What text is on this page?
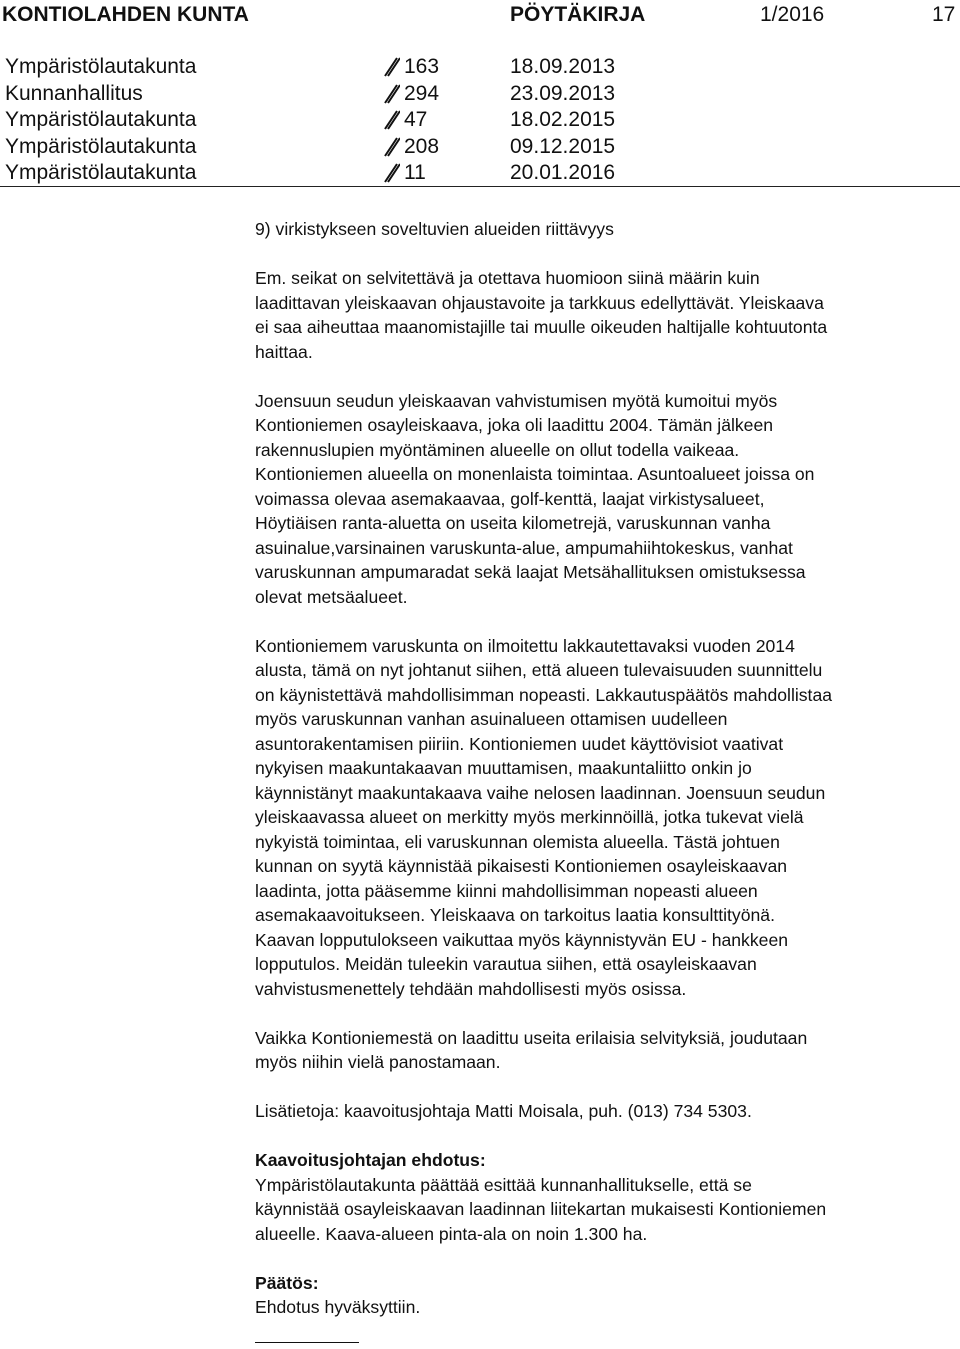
KONTIOLAHDEN KUNTA	PÖYTÄKIRJA	1/2016	17
Ympäristölautakunta	163	18.09.2013
Kunnanhallitus	294	23.09.2013
Ympäristölautakunta	47	18.02.2015
Ympäristölautakunta	208	09.12.2015
Ympäristölautakunta	11	20.01.2016

9) virkistykseen soveltuvien alueiden riittävyys

Em. seikat on selvitettävä ja otettava huomioon siinä määrin kuin

laadittavan yleiskaavan ohjaustavoite ja tarkkuus edellyttävät. Yleiskaava

ei saa aiheuttaa maanomistajille tai muulle oikeuden haltijalle kohtuutonta

haittaa.

Joensuun seudun yleiskaavan vahvistumisen myötä kumoitui myös

Kontioniemen osayleiskaava, joka oli laadittu 2004. Tämän jälkeen

rakennuslupien myöntäminen alueelle on ollut todella vaikeaa.

Kontioniemen alueella on monenlaista toimintaa. Asuntoalueet joissa on

voimassa olevaa asemakaavaa, golf-kenttä, laajat virkistysalueet,

Höytiäisen ranta-aluetta on useita kilometrejä, varuskunnan vanha

asuinalue,varsinainen varuskunta-alue, ampumahiihtokeskus, vanhat

varuskunnan ampumaradat sekä laajat Metsähallituksen omistuksessa

olevat metsäalueet.

Kontioniemem varuskunta on ilmoitettu lakkautettavaksi vuoden 2014

alusta, tämä on nyt johtanut siihen, että alueen tulevaisuuden suunnittelu

on käynistettävä mahdollisimman nopeasti. Lakkautuspäätös mahdollistaa

myös varuskunnan vanhan asuinalueen ottamisen uudelleen

asuntorakentamisen piiriin. Kontioniemen uudet käyttövisiot vaativat

nykyisen maakuntakaavan muuttamisen, maakuntaliitto onkin jo

käynnistänyt maakuntakaava vaihe nelosen laadinnan. Joensuun seudun

yleiskaavassa alueet on merkitty myös merkinnöillä, jotka tukevat vielä

nykyistä toimintaa, eli varuskunnan olemista alueella. Tästä johtuen

kunnan on syytä käynnistää pikaisesti Kontioniemen osayleiskaavan

laadinta, jotta pääsemme kiinni mahdollisimman nopeasti alueen

asemakaavoitukseen. Yleiskaava on tarkoitus laatia konsulttityönä.

Kaavan lopputulokseen vaikuttaa myös käynnistyvän EU - hankkeen

lopputulos. Meidän tuleekin varautua siihen, että osayleiskaavan

vahvistusmenettely tehdään mahdollisesti myös osissa.

Vaikka Kontioniemestä on laadittu useita erilaisia selvityksiä, joudutaan

myös niihin vielä panostamaan.

Lisätietoja: kaavoitusjohtaja Matti Moisala, puh. (013) 734 5303.

Kaavoitusjohtajan ehdotus:

Ympäristölautakunta päättää esittää kunnanhallitukselle, että se

käynnistää osayleiskaavan laadinnan liitekartan mukaisesti Kontioniemen

alueelle. Kaava-alueen pinta-ala on noin 1.300 ha.

Päätös:

Ehdotus hyväksyttiin.
